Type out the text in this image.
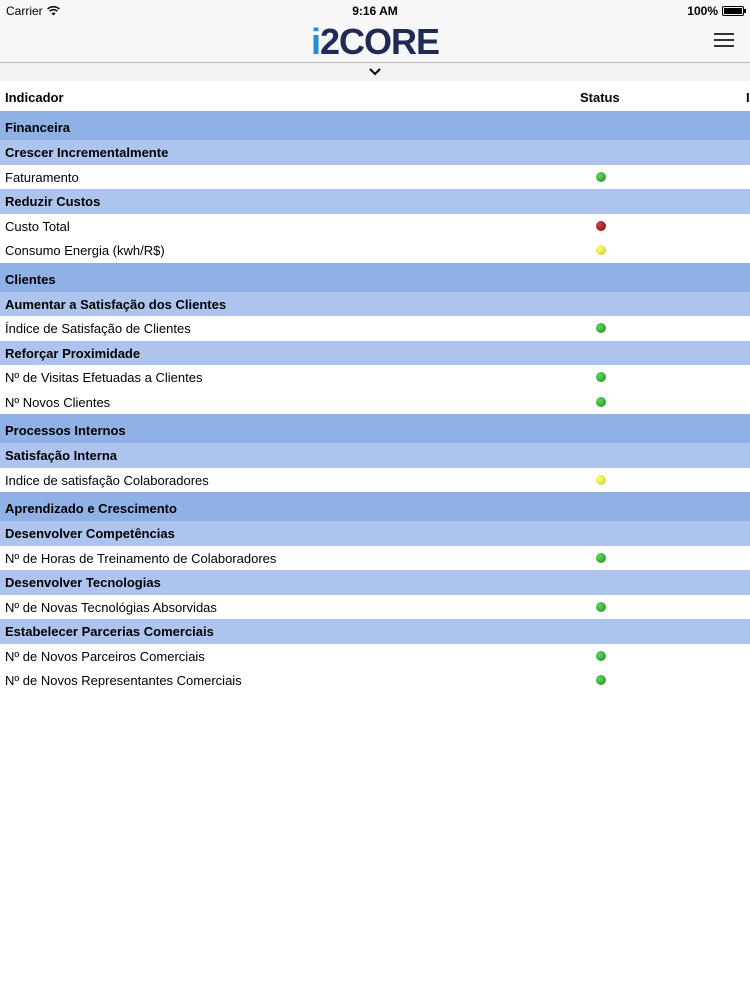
Carrier	9:16 AM	100%
i2CORE
Indicador	Status	I
Financeira
Crescer Incrementalmente
Faturamento
Reduzir Custos
Custo Total
Consumo Energia (kwh/R$)
Clientes
Aumentar a Satisfação dos Clientes
Índice de Satisfação de Clientes
Reforçar Proximidade
Nº de Visitas Efetuadas a Clientes
Nº Novos Clientes
Processos Internos
Satisfação Interna
Indice de satisfação Colaboradores
Aprendizado e Crescimento
Desenvolver Competências
Nº de Horas de Treinamento de Colaboradores
Desenvolver Tecnologias
Nº de Novas Tecnológias Absorvidas
Estabelecer Parcerias Comerciais
Nº de Novos Parceiros Comerciais
Nº de Novos Representantes Comerciais
